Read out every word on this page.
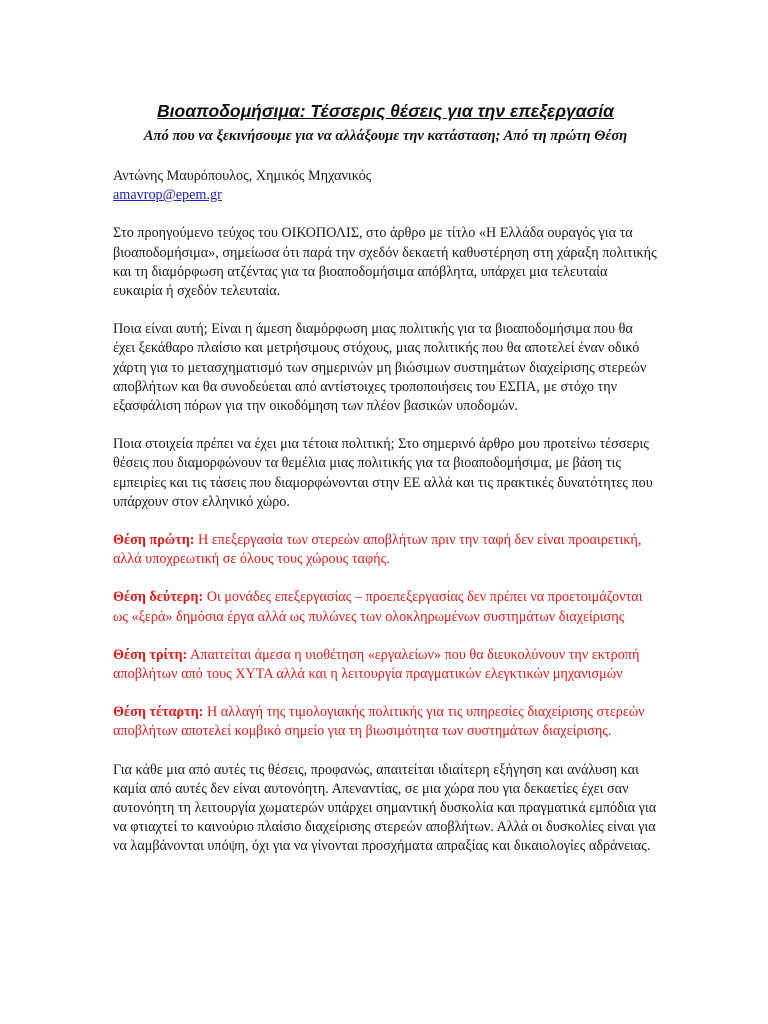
Βιοαποδομήσιμα: Τέσσερις θέσεις για την επεξεργασία
Από που να ξεκινήσουμε για να αλλάξουμε την κατάσταση; Από τη πρώτη Θέση
Αντώνης Μαυρόπουλος, Χημικός Μηχανικός
amavrop@epem.gr

Στο προηγούμενο τεύχος του ΟΙΚΟΠΟΛΙΣ, στο άρθρο με τίτλο «Η Ελλάδα ουραγός για τα βιοαποδομήσιμα», σημείωσα ότι παρά την σχεδόν δεκαετή καθυστέρηση στη χάραξη πολιτικής και τη διαμόρφωση ατζέντας για τα βιοαποδομήσιμα απόβλητα, υπάρχει μια τελευταία ευκαιρία ή σχεδόν τελευταία.

Ποια είναι αυτή; Είναι η άμεση διαμόρφωση μιας πολιτικής για τα βιοαποδομήσιμα που θα έχει ξεκάθαρο πλαίσιο και μετρήσιμους στόχους, μιας πολιτικής που θα αποτελεί έναν οδικό χάρτη για το μετασχηματισμό των σημερινών μη βιώσιμων συστημάτων διαχείρισης στερεών αποβλήτων και θα συνοδεύεται από αντίστοιχες τροποποιήσεις του ΕΣΠΑ, με στόχο την εξασφάλιση πόρων για την οικοδόμηση των πλέον βασικών υποδομών.

Ποια στοιχεία πρέπει να έχει μια τέτοια πολιτική; Στο σημερινό άρθρο μου προτείνω τέσσερις θέσεις που διαμορφώνουν τα θεμέλια μιας πολιτικής για τα βιοαποδομήσιμα, με βάση τις εμπειρίες και τις τάσεις που διαμορφώνονται στην ΕΕ αλλά και τις πρακτικές δυνατότητες που υπάρχουν στον ελληνικό χώρο.

Θέση πρώτη: Η επεξεργασία των στερεών αποβλήτων πριν την ταφή δεν είναι προαιρετική, αλλά υποχρεωτική σε όλους τους χώρους ταφής.

Θέση δεύτερη: Οι μονάδες επεξεργασίας – προεπεξεργασίας δεν πρέπει να προετοιμάζονται ως «ξερά» δημόσια έργα αλλά ως πυλώνες των ολοκληρωμένων συστημάτων διαχείρισης

Θέση τρίτη: Απαιτείται άμεσα η υιοθέτηση «εργαλείων» που θα διευκολύνουν την εκτροπή αποβλήτων από τους ΧΥΤΑ αλλά και η λειτουργία πραγματικών ελεγκτικών μηχανισμών

Θέση τέταρτη: Η αλλαγή της τιμολογιακής πολιτικής για τις υπηρεσίες διαχείρισης στερεών αποβλήτων αποτελεί κομβικό σημείο για τη βιωσιμότητα των συστημάτων διαχείρισης.

Για κάθε μια από αυτές τις θέσεις, προφανώς, απαιτείται ιδιαίτερη εξήγηση και ανάλυση και καμία από αυτές δεν είναι αυτονόητη. Απεναντίας, σε μια χώρα που για δεκαετίες έχει σαν αυτονόητη τη λειτουργία χωματερών υπάρχει σημαντική δυσκολία και πραγματικά εμπόδια για να φτιαχτεί το καινούριο πλαίσιο διαχείρισης στερεών αποβλήτων. Αλλά οι δυσκολίες είναι για να λαμβάνονται υπόψη, όχι για να γίνονται προσχήματα απραξίας και δικαιολογίες αδράνειας.
